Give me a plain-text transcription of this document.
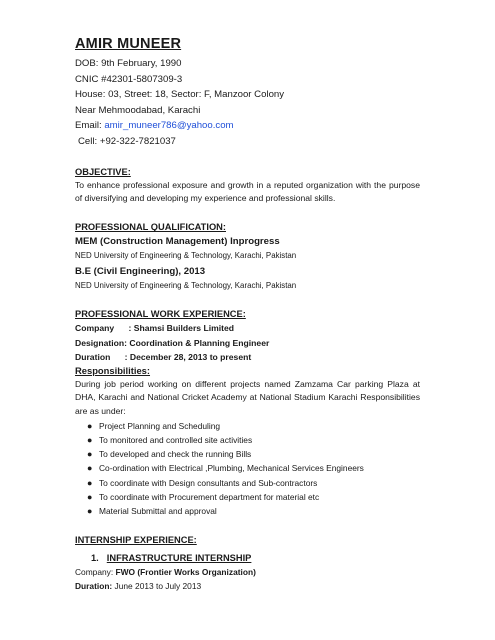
AMIR MUNEER
DOB: 9th February, 1990
CNIC #42301-5807309-3
House: 03, Street: 18, Sector: F, Manzoor Colony
Near Mehmoodabad, Karachi
Email: amir_muneer786@yahoo.com
Cell: +92-322-7821037
OBJECTIVE:
To enhance professional exposure and growth in a reputed organization with the purpose of diversifying and developing my experience and professional skills.
PROFESSIONAL QUALIFICATION:
MEM (Construction Management) Inprogress
NED University of Engineering & Technology, Karachi, Pakistan
B.E (Civil Engineering), 2013
NED University of Engineering & Technology, Karachi, Pakistan
PROFESSIONAL WORK EXPERIENCE:
Company      : Shamsi Builders Limited
Designation: Coordination & Planning Engineer
Duration      : December 28, 2013 to present
Responsibilities:
During job period working on different projects named Zamzama Car parking Plaza at DHA, Karachi and National Cricket Academy at National Stadium Karachi Responsibilities are as under:
● Project Planning and Scheduling
● To monitored and controlled site activities
● To developed and check the running Bills
● Co-ordination with Electrical ,Plumbing, Mechanical Services Engineers
● To coordinate with Design consultants and Sub-contractors
● To coordinate with Procurement department for material etc
● Material Submittal and approval
INTERNSHIP EXPERIENCE:
1. INFRASTRUCTURE INTERNSHIP
Company: FWO (Frontier Works Organization)
Duration: June 2013 to July 2013
